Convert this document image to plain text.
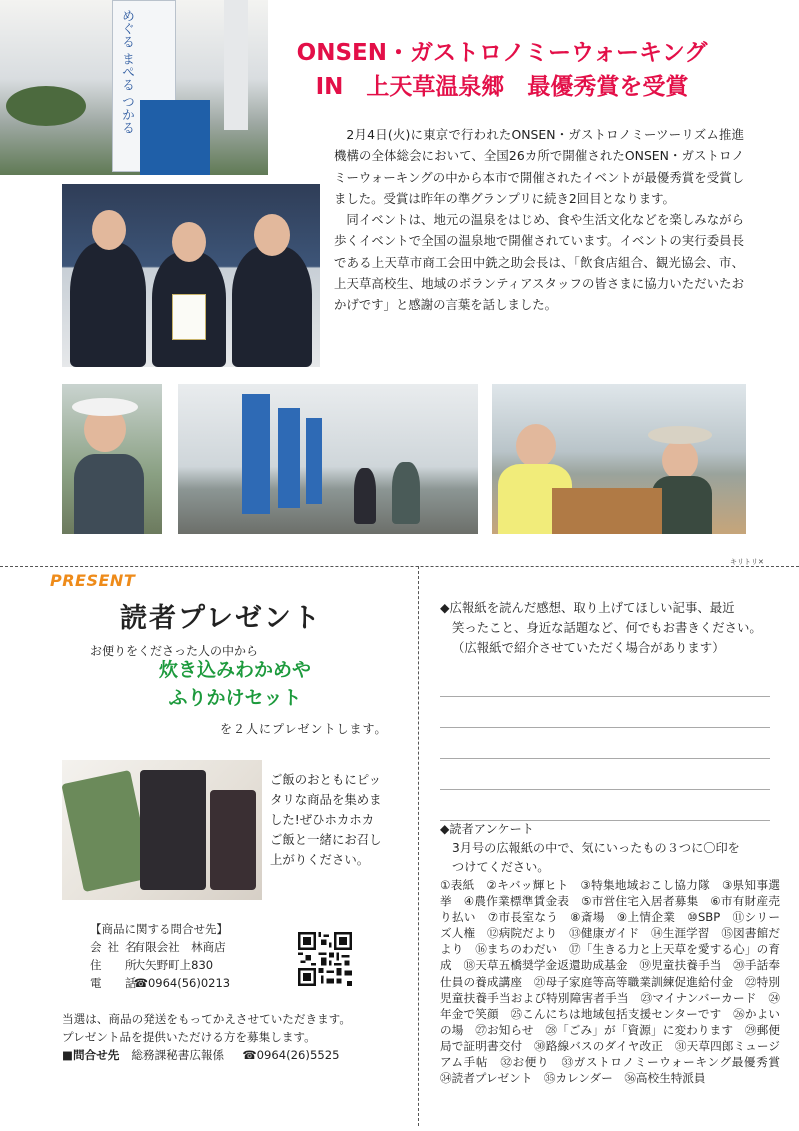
めぐる まぺる つかる	ONSEN・ガストロノミーウォーキング
IN　上天草温泉郷　最優秀賞を受賞

2月4日(火)に東京で行われたONSEN・ガストロノミーツーリズム推進機構の全体総会において、全国26カ所で開催されたONSEN・ガストロノミーウォーキングの中から本市で開催されたイベントが最優秀賞を受賞しました。受賞は昨年の準グランプリに続き2回目となります。

同イベントは、地元の温泉をはじめ、食や生活文化などを楽しみながら歩くイベントで全国の温泉地で開催されています。イベントの実行委員長である上天草市商工会田中銑之助会長は、「飲食店組合、観光協会、市、上天草高校生、地域のボランティアスタッフの皆さまに協力いただいたおかげです」と感謝の言葉を話しました。

キリトリ✕
PRESENT
読者プレゼント
お便りをくださった人の中から
炊き込みわかめや
ふりかけセット
を２人にプレゼントします。
ご飯のおともにピッタリな商品を集めました!ぜひホカホカご飯と一緒にお召し上がりください。
【商品に関する問合せ先】
会社名 有限会社　林商店
住　所 大矢野町上830
電　話 ☎0964(56)0213
当選は、商品の発送をもってかえさせていただきます。
プレゼント品を提供いただける方を募集します。
■問合せ先 総務課秘書広報係 ☎0964(26)5525
◆広報紙を読んだ感想、取り上げてほしい記事、最近
笑ったこと、身近な話題など、何でもお書きください。
（広報紙で紹介させていただく場合があります）
◆読者アンケート
3月号の広報紙の中で、気にいったもの３つに〇印を
つけてください。
①表紙　 ②キバッ輝ヒト　 ③特集地域おこし協力隊　 ③県知事選挙　 ④農作業標準賃金表　 ⑤市営住宅入居者募集　 ⑥市有財産売り払い　 ⑦市長室なう　 ⑧斎場　 ⑨上情企業　 ⑩SBP　 ⑪シリーズ人権　 ⑫病院だより　 ⑬健康ガイド　 ⑭生涯学習　 ⑮図書館だより　 ⑯まちのわだい　 ⑰「生きる力と上天草を愛する心」の育成　 ⑱天草五橋奨学金返還助成基金　 ⑲児童扶養手当　 ⑳手話奉仕員の養成講座　 ㉑母子家庭等高等職業訓練促進給付金　 ㉒特別児童扶養手当および特別障害者手当　 ㉓マイナンバーカード　 ㉔年金で笑顔　 ㉕こんにちは地域包括支援センターです　 ㉖かよいの場　 ㉗お知らせ　 ㉘「ごみ」が「資源」に変わります　 ㉙郵便局で証明書交付　 ㉚路線バスのダイヤ改正　 ㉛天草四郎ミュージアム手帖　 ㉜お便り　 ㉝ガストロノミーウォーキング最優秀賞　㉞読者プレゼント　 ㉟カレンダー　 ㊱高校生特派員　
